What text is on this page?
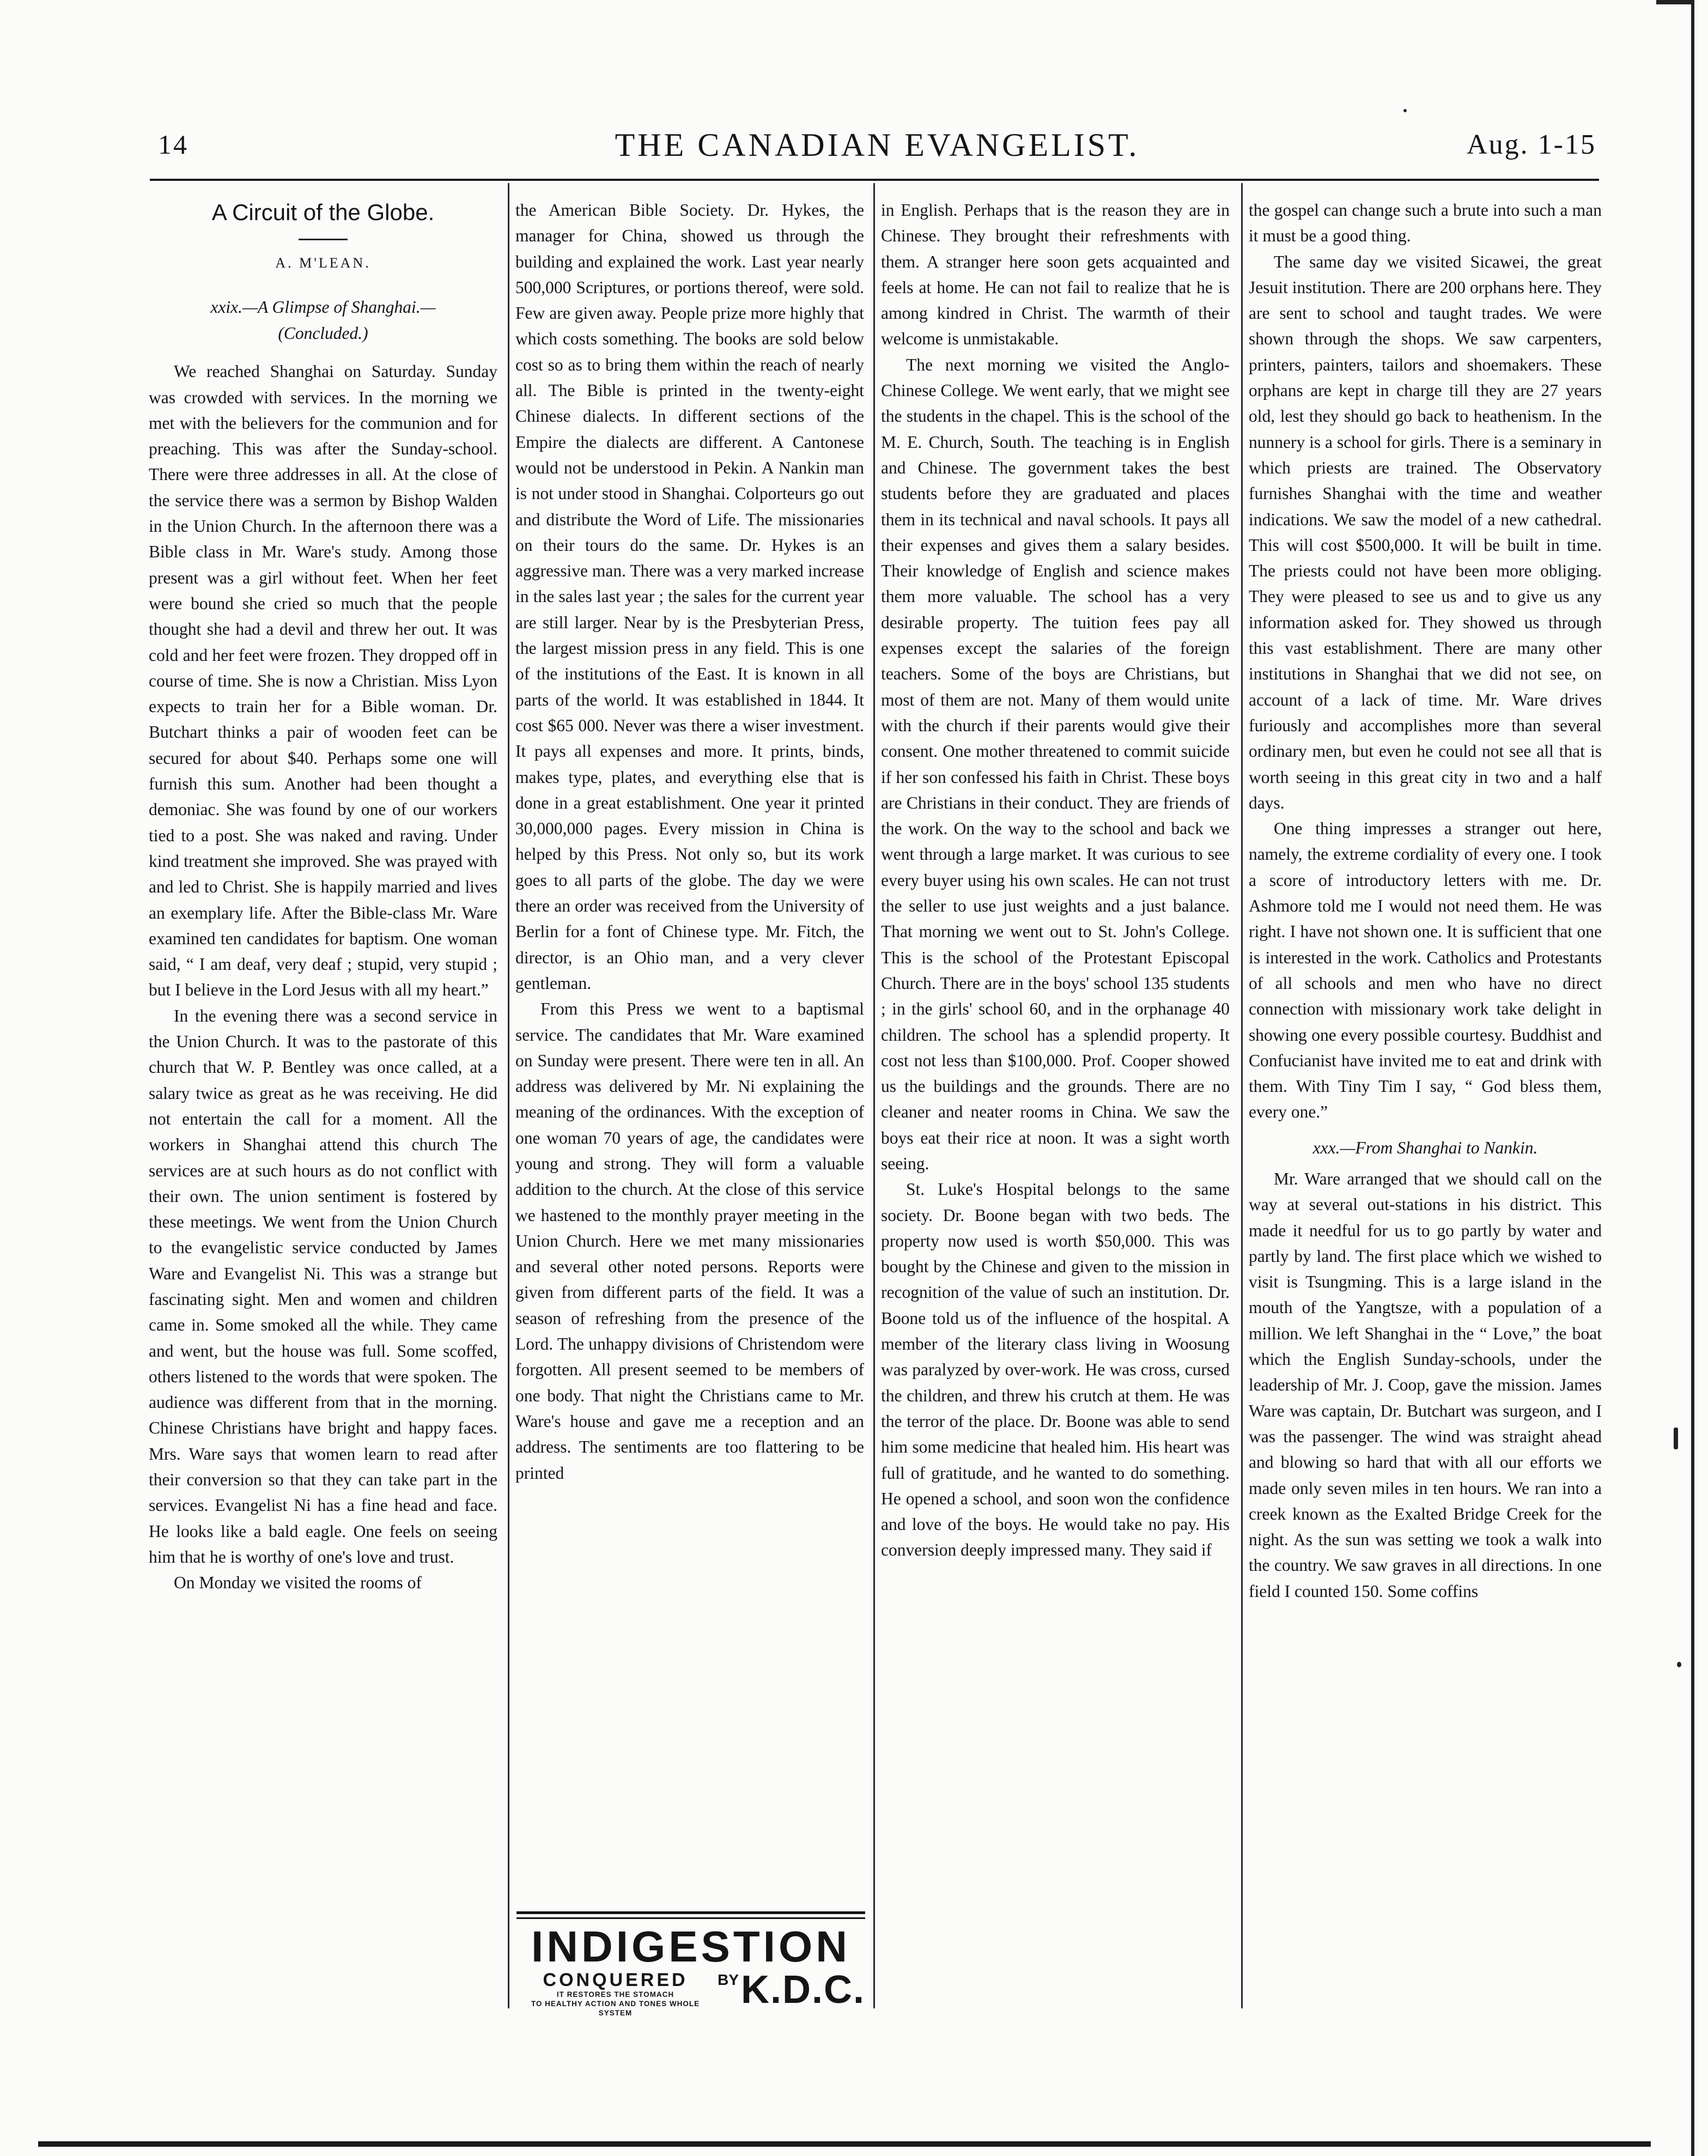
14	THE CANADIAN EVANGELIST.	Aug. 1-15
A Circuit of the Globe.
A. M'LEAN.
xxix.—A Glimpse of Shanghai.—
(Concluded.)

We reached Shanghai on Saturday. Sunday was crowded with services. In the morning we met with the believers for the communion and for preaching. This was after the Sunday-school. There were three addresses in all. At the close of the service there was a sermon by Bishop Walden in the Union Church. In the afternoon there was a Bible class in Mr. Ware's study. Among those present was a girl without feet. When her feet were bound she cried so much that the people thought she had a devil and threw her out. It was cold and her feet were frozen. They dropped off in course of time. She is now a Christian. Miss Lyon expects to train her for a Bible woman. Dr. Butchart thinks a pair of wooden feet can be secured for about $40. Perhaps some one will furnish this sum. Another had been thought a demoniac. She was found by one of our workers tied to a post. She was naked and raving. Under kind treatment she improved. She was prayed with and led to Christ. She is happily married and lives an exemplary life. After the Bible-class Mr. Ware examined ten candidates for baptism. One woman said, “ I am deaf, very deaf ; stupid, very stupid ; but I believe in the Lord Jesus with all my heart.”

In the evening there was a second service in the Union Church. It was to the pastorate of this church that W. P. Bentley was once called, at a salary twice as great as he was receiving. He did not entertain the call for a moment. All the workers in Shanghai attend this church The services are at such hours as do not conflict with their own. The union sentiment is fostered by these meetings. We went from the Union Church to the evangelistic service conducted by James Ware and Evangelist Ni. This was a strange but fascinating sight. Men and women and children came in. Some smoked all the while. They came and went, but the house was full. Some scoffed, others listened to the words that were spoken. The audience was different from that in the morning. Chinese Christians have bright and happy faces. Mrs. Ware says that women learn to read after their conversion so that they can take part in the services. Evangelist Ni has a fine head and face. He looks like a bald eagle. One feels on seeing him that he is worthy of one's love and trust.

On Monday we visited the rooms of

the American Bible Society. Dr. Hykes, the manager for China, showed us through the building and explained the work. Last year nearly 500,000 Scriptures, or portions thereof, were sold. Few are given away. People prize more highly that which costs something. The books are sold below cost so as to bring them within the reach of nearly all. The Bible is printed in the twenty-eight Chinese dialects. In different sections of the Empire the dialects are different. A Cantonese would not be understood in Pekin. A Nankin man is not under stood in Shanghai. Colporteurs go out and distribute the Word of Life. The missionaries on their tours do the same. Dr. Hykes is an aggressive man. There was a very marked increase in the sales last year ; the sales for the current year are still larger. Near by is the Presbyterian Press, the largest mission press in any field. This is one of the institutions of the East. It is known in all parts of the world. It was established in 1844. It cost $65 000. Never was there a wiser investment. It pays all expenses and more. It prints, binds, makes type, plates, and everything else that is done in a great establishment. One year it printed 30,000,000 pages. Every mission in China is helped by this Press. Not only so, but its work goes to all parts of the globe. The day we were there an order was received from the University of Berlin for a font of Chinese type. Mr. Fitch, the director, is an Ohio man, and a very clever gentleman.

From this Press we went to a baptismal service. The candidates that Mr. Ware examined on Sunday were present. There were ten in all. An address was delivered by Mr. Ni explaining the meaning of the ordinances. With the exception of one woman 70 years of age, the candidates were young and strong. They will form a valuable addition to the church. At the close of this service we hastened to the monthly prayer meeting in the Union Church. Here we met many missionaries and several other noted persons. Reports were given from different parts of the field. It was a season of refreshing from the presence of the Lord. The unhappy divisions of Christendom were forgotten. All present seemed to be members of one body. That night the Christians came to Mr. Ware's house and gave me a reception and an address. The sentiments are too flattering to be printed

INDIGESTION
CONQUERED
IT RESTORES THE STOMACH
TO HEALTHY ACTION AND TONES WHOLE SYSTEM
BY K.D.C.

in English. Perhaps that is the reason they are in Chinese. They brought their refreshments with them. A stranger here soon gets acquainted and feels at home. He can not fail to realize that he is among kindred in Christ. The warmth of their welcome is unmistakable.

The next morning we visited the Anglo-Chinese College. We went early, that we might see the students in the chapel. This is the school of the M. E. Church, South. The teaching is in English and Chinese. The government takes the best students before they are graduated and places them in its technical and naval schools. It pays all their expenses and gives them a salary besides. Their knowledge of English and science makes them more valuable. The school has a very desirable property. The tuition fees pay all expenses except the salaries of the foreign teachers. Some of the boys are Christians, but most of them are not. Many of them would unite with the church if their parents would give their consent. One mother threatened to commit suicide if her son confessed his faith in Christ. These boys are Christians in their conduct. They are friends of the work. On the way to the school and back we went through a large market. It was curious to see every buyer using his own scales. He can not trust the seller to use just weights and a just balance. That morning we went out to St. John's College. This is the school of the Protestant Episcopal Church. There are in the boys' school 135 students ; in the girls' school 60, and in the orphanage 40 children. The school has a splendid property. It cost not less than $100,000. Prof. Cooper showed us the buildings and the grounds. There are no cleaner and neater rooms in China. We saw the boys eat their rice at noon. It was a sight worth seeing.

St. Luke's Hospital belongs to the same society. Dr. Boone began with two beds. The property now used is worth $50,000. This was bought by the Chinese and given to the mission in recognition of the value of such an institution. Dr. Boone told us of the influence of the hospital. A member of the literary class living in Woosung was paralyzed by over-work. He was cross, cursed the children, and threw his crutch at them. He was the terror of the place. Dr. Boone was able to send him some medicine that healed him. His heart was full of gratitude, and he wanted to do something. He opened a school, and soon won the confidence and love of the boys. He would take no pay. His conversion deeply impressed many. They said if

the gospel can change such a brute into such a man it must be a good thing.

The same day we visited Sicawei, the great Jesuit institution. There are 200 orphans here. They are sent to school and taught trades. We were shown through the shops. We saw carpenters, printers, painters, tailors and shoemakers. These orphans are kept in charge till they are 27 years old, lest they should go back to heathenism. In the nunnery is a school for girls. There is a seminary in which priests are trained. The Observatory furnishes Shanghai with the time and weather indications. We saw the model of a new cathedral. This will cost $500,000. It will be built in time. The priests could not have been more obliging. They were pleased to see us and to give us any information asked for. They showed us through this vast establishment. There are many other institutions in Shanghai that we did not see, on account of a lack of time. Mr. Ware drives furiously and accomplishes more than several ordinary men, but even he could not see all that is worth seeing in this great city in two and a half days.

One thing impresses a stranger out here, namely, the extreme cordiality of every one. I took a score of introductory letters with me. Dr. Ashmore told me I would not need them. He was right. I have not shown one. It is sufficient that one is interested in the work. Catholics and Protestants of all schools and men who have no direct connection with missionary work take delight in showing one every possible courtesy. Buddhist and Confucianist have invited me to eat and drink with them. With Tiny Tim I say, “ God bless them, every one.”

xxx.—From Shanghai to Nankin.

Mr. Ware arranged that we should call on the way at several out-stations in his district. This made it needful for us to go partly by water and partly by land. The first place which we wished to visit is Tsungming. This is a large island in the mouth of the Yangtsze, with a population of a million. We left Shanghai in the “ Love,” the boat which the English Sunday-schools, under the leadership of Mr. J. Coop, gave the mission. James Ware was captain, Dr. Butchart was surgeon, and I was the passenger. The wind was straight ahead and blowing so hard that with all our efforts we made only seven miles in ten hours. We ran into a creek known as the Exalted Bridge Creek for the night. As the sun was setting we took a walk into the country. We saw graves in all directions. In one field I counted 150. Some coffins
